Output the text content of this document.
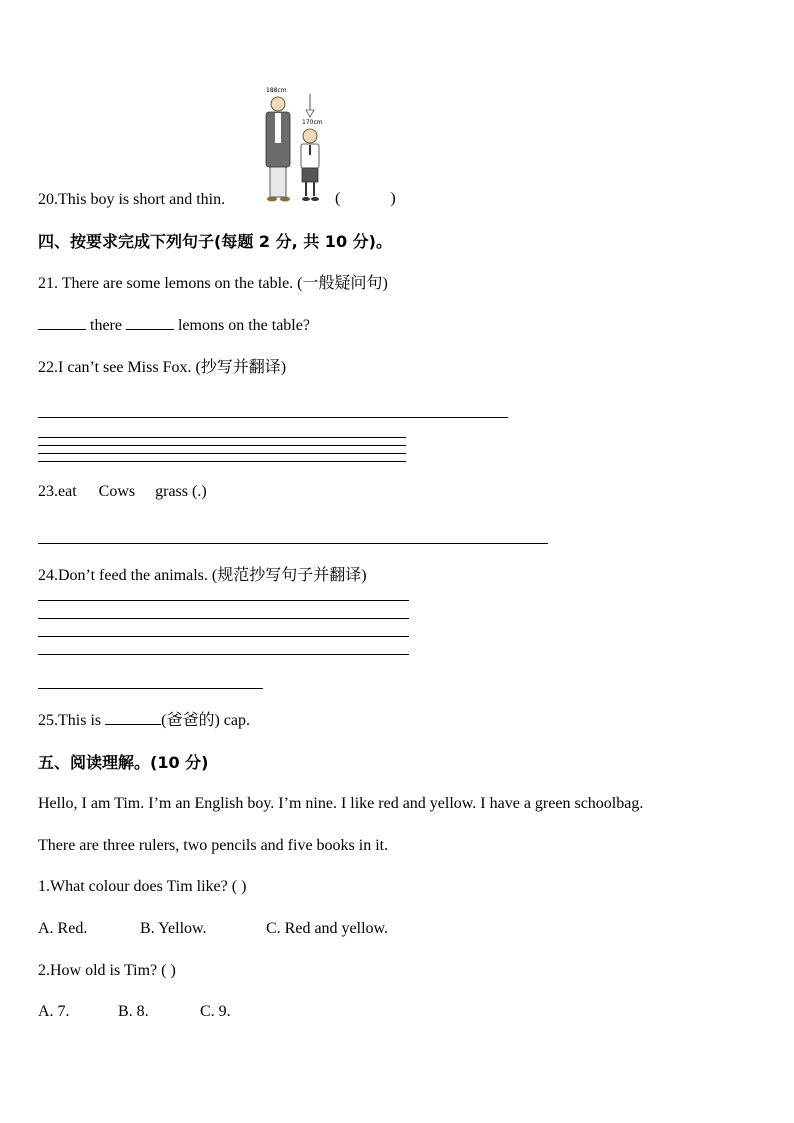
188cm
170cm
20.This boy is short and thin.	(	)
四、按要求完成下列句子(每题 2 分, 共 10 分)。
21. There are some lemons on the table. (一般疑问句)
there	lemons on the table?
22.I can’t see Miss Fox. (抄写并翻译)
23.eat Cows grass (.)
24.Don’t feed the animals. (规范抄写句子并翻译)
25.This is	(爸爸的) cap.
五、阅读理解。(10 分)
Hello, I am Tim. I’m an English boy. I’m nine. I like red and yellow. I have a green schoolbag.
There are three rulers, two pencils and five books in it.
1.What colour does Tim like? ( )
A. Red.	B. Yellow.	C. Red and yellow.
2.How old is Tim? ( )
A. 7.	B. 8.	C. 9.
